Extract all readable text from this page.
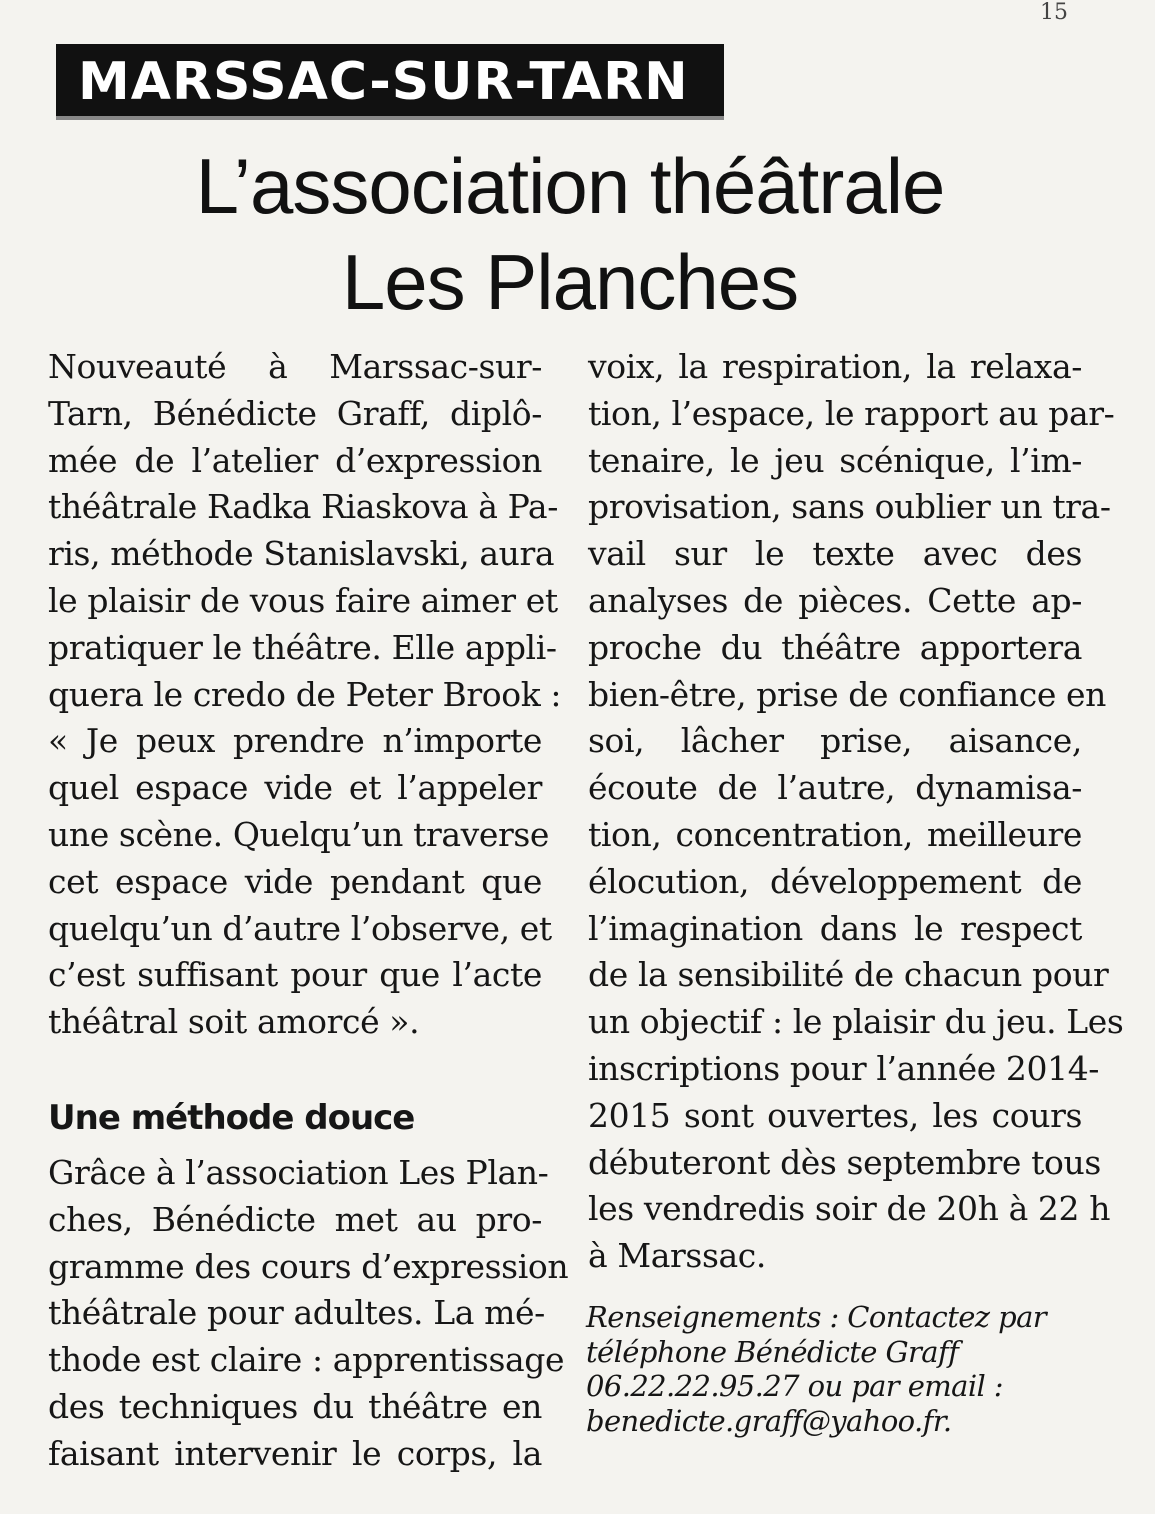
15
MARSSAC-SUR-TARN
L’association théâtrale
Les Planches
Nouveauté à Marssac-sur-
Tarn, Bénédicte Graff, diplô-
mée de l’atelier d’expression
théâtrale Radka Riaskova à Pa-
ris, méthode Stanislavski, aura
le plaisir de vous faire aimer et
pratiquer le théâtre. Elle appli-
quera le credo de Peter Brook :
« Je peux prendre n’importe
quel espace vide et l’appeler
une scène. Quelqu’un traverse
cet espace vide pendant que
quelqu’un d’autre l’observe, et
c’est suffisant pour que l’acte
théâtral soit amorcé ».
Une méthode douce
Grâce à l’association Les Plan-
ches, Bénédicte met au pro-
gramme des cours d’expression
théâtrale pour adultes. La mé-
thode est claire : apprentissage
des techniques du théâtre en
faisant intervenir le corps, la
voix, la respiration, la relaxa-
tion, l’espace, le rapport au par-
tenaire, le jeu scénique, l’im-
provisation, sans oublier un tra-
vail sur le texte avec des
analyses de pièces. Cette ap-
proche du théâtre apportera
bien-être, prise de confiance en
soi, lâcher prise, aisance,
écoute de l’autre, dynamisa-
tion, concentration, meilleure
élocution, développement de
l’imagination dans le respect
de la sensibilité de chacun pour
un objectif : le plaisir du jeu. Les
inscriptions pour l’année 2014-
2015 sont ouvertes, les cours
débuteront dès septembre tous
les vendredis soir de 20h à 22 h
à Marssac.
Renseignements : Contactez par
téléphone Bénédicte Graff
06.22.22.95.27 ou par email :
benedicte.graff@yahoo.fr.
